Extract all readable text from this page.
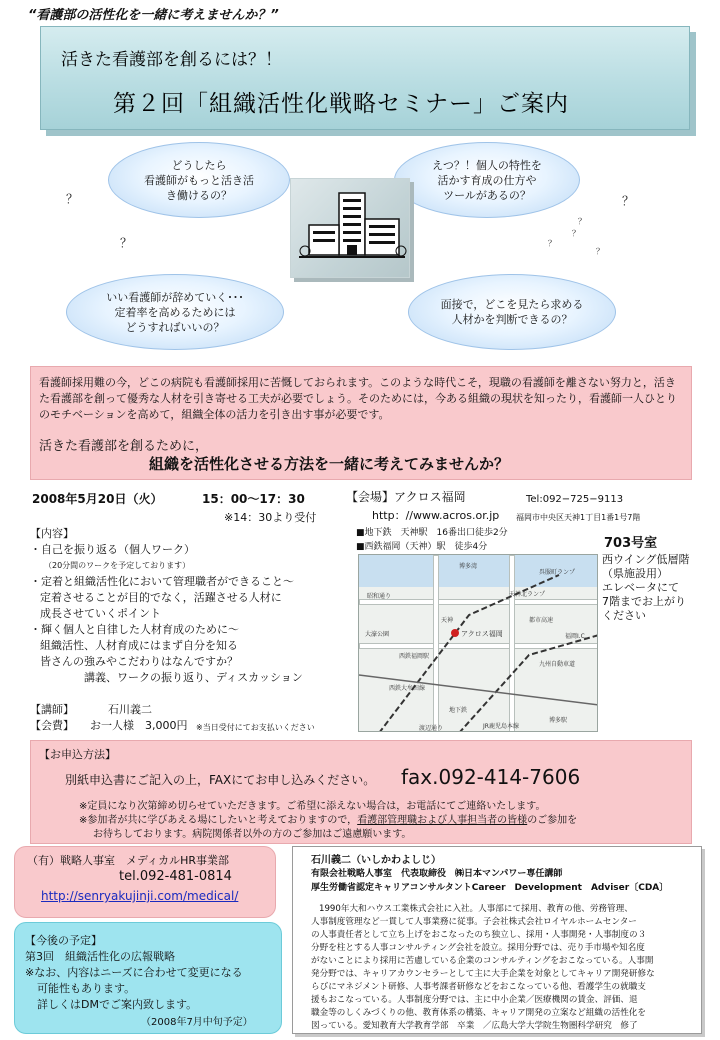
“看護部の活性化を一緒に考えませんか？”
活きた看護部を創るには？！
第２回「組織活性化戦略セミナー」ご案内
どうしたら
看護師がもっと活き活
き働けるの？
えつ？！個人の特性を
活かす育成の仕方や
ツールがあるの？
いい看護師が辞めていく･･･
定着率を高めるためには
どうすればいいの？
面接で，どこを見たら求める
人材かを判断できるの？
？
？
？
？
？
？
？
看護師採用難の今，どこの病院も看護師採用に苦慨しておられます。このような時代こそ，現職の看護師を離さない努力と，活きた看護部を創って優秀な人材を引き寄せる工夫が必要でしょう。そのためには，今ある組織の現状を知ったり，看護師一人ひとりのモチベーションを高めて，組織全体の活力を引き出す事が必要です。
活きた看護部を創るために，
組織を活性化させる方法を一緒に考えてみませんか？
2008年5月20日（火）	15：00〜17：30
※14：30より受付
【内容】
・自己を振り返る（個人ワーク）
（20分間のワークを予定しております）
・定着と組織活性化において管理職者ができること〜
定着させることが目的でなく，活躍させる人材に
成長させていくポイント
・輝く個人と自律した人材育成のために〜
組織活性、人材育成にはまず自分を知る
皆さんの強みやこだわりはなんですか？
講義、ワークの振り返り、ディスカッション
【講師】	石川義二
【会費】 お一人様　3,000円 ※当日受付にてお支払いください
【会場】アクロス福岡	Tel:092−725−9113
http：//www.acros.or.jp 福岡市中央区天神1丁目1番1号7階
■地下鉄　天神駅　16番出口徒歩2分
■西鉄福岡（天神）駅　徒歩4分	703号室
西ウイング低層階
（県施設用）
エレベータにて
7階までお上がり
ください
博多湾
天神北ランプ
昭和通り
アクロス福岡
天神
大濠公園
西鉄福岡駅
西鉄大牟田線
地下鉄
福岡I.C.
九州自動車道
都市高速
渡辺通り	JR鹿児島本線
博多駅
呉服町ランプ
【お申込方法】
別紙申込書にご記入の上，FAXにてお申し込みください。 fax.092-414-7606
※定員になり次第締め切らせていただきます。ご希望に添えない場合は，お電話にてご連絡いたします。
※参加者が共に学びあえる場にしたいと考えておりますので，看護部管理職および人事担当者の皆様のご参加を
お待ちしております。病院関係者以外の方のご参加はご遠慮願います。
（有）戦略人事室　メディカルHR事業部
tel.092-481-0814
http://senryakujinji.com/medical/
【今後の予定】
第3回　組織活性化の広報戦略
※なお、内容はニーズに合わせて変更になる
可能性もあります。
詳しくはDMでご案内致します。
（2008年7月中旬予定）
石川義二（いしかわよしじ）
有限会社戦略人事室　代表取締役　㈱日本マンパワー専任講師
厚生労働省認定キャリアコンサルタントCareer　Development　Adviser〔CDA〕
1990年大和ハウス工業株式会社に入社。人事部にて採用、教育の他、労務管理、
人事制度管理など一貫して人事業務に従事。子会社株式会社ロイヤルホームセンター
の人事責任者として立ち上げをおこなったのち独立し、採用・人事開発・人事制度の３
分野を柱とする人事コンサルティング会社を設立。採用分野では、売り手市場や知名度
がないことにより採用に苦慮している企業のコンサルティングをおこなっている。人事開
発分野では、キャリアカウンセラーとして主に大手企業を対象としてキャリア開発研修な
らびにマネジメント研修、人事考課者研修などをおこなっている他、看護学生の就職支
援もおこなっている。人事制度分野では、主に中小企業／医療機関の賃金、評価、退
職金等のしくみづくりの他、教育体系の構築、キャリア開発の立案など組織の活性化を
図っている。愛知教育大学教育学部　卒業　／広島大学大学院生物圏科学研究　修了
